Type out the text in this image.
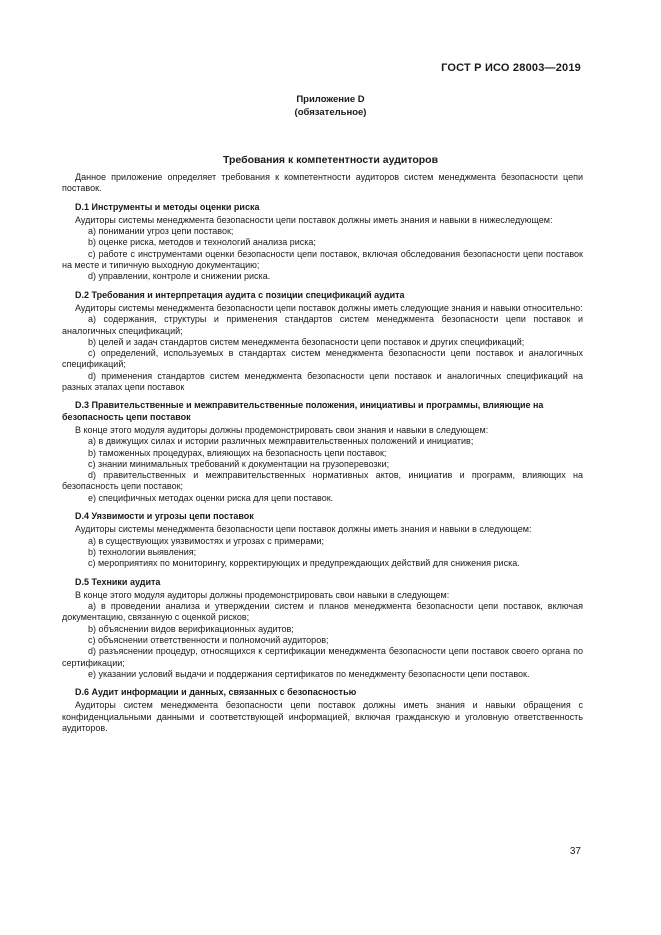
ГОСТ Р ИСО 28003—2019
Приложение D
(обязательное)
Требования к компетентности аудиторов

Данное приложение определяет требования к компетентности аудиторов систем менеджмента безопасности цепи поставок.

D.1 Инструменты и методы оценки риска

Аудиторы системы менеджмента безопасности цепи поставок должны иметь знания и навыки в нижеследующем:

a) понимании угроз цепи поставок;

b) оценке риска, методов и технологий анализа риска;

c) работе с инструментами оценки безопасности цепи поставок, включая обследования безопасности цепи поставок на месте и типичную выходную документацию;

d) управлении, контроле и снижении риска.

D.2 Требования и интерпретация аудита с позиции спецификаций аудита

Аудиторы системы менеджмента безопасности цепи поставок должны иметь следующие знания и навыки относительно:

a) содержания, структуры и применения стандартов систем менеджмента безопасности цепи поставок и аналогичных спецификаций;

b) целей и задач стандартов систем менеджмента безопасности цепи поставок и других спецификаций;

c) определений, используемых в стандартах систем менеджмента безопасности цепи поставок и аналогичных спецификаций;

d) применения стандартов систем менеджмента безопасности цепи поставок и аналогичных спецификаций на разных этапах цепи поставок

D.3 Правительственные и межправительственные положения, инициативы и программы, влияющие на безопасность цепи поставок

В конце этого модуля аудиторы должны продемонстрировать свои знания и навыки в следующем:

a) в движущих силах и истории различных межправительственных положений и инициатив;

b) таможенных процедурах, влияющих на безопасность цепи поставок;

c) знании минимальных требований к документации на грузоперевозки;

d) правительственных и межправительственных нормативных актов, инициатив и программ, влияющих на безопасность цепи поставок;

e) специфичных методах оценки риска для цепи поставок.

D.4 Уязвимости и угрозы цепи поставок

Аудиторы системы менеджмента безопасности цепи поставок должны иметь знания и навыки в следующем:

a) в существующих уязвимостях и угрозах с примерами;

b) технологии выявления;

c) мероприятиях по мониторингу, корректирующих и предупреждающих действий для снижения риска.

D.5 Техники аудита

В конце этого модуля аудиторы должны продемонстрировать свои навыки в следующем:

a) в проведении анализа и утверждении систем и планов менеджмента безопасности цепи поставок, включая документацию, связанную с оценкой рисков;

b) объяснении видов верификационных аудитов;

c) объяснении ответственности и полномочий аудиторов;

d) разъяснении процедур, относящихся к сертификации менеджмента безопасности цепи поставок своего органа по сертификации;

e) указании условий выдачи и поддержания сертификатов по менеджменту безопасности цепи поставок.

D.6 Аудит информации и данных, связанных с безопасностью

Аудиторы систем менеджмента безопасности цепи поставок должны иметь знания и навыки обращения с конфиденциальными данными и соответствующей информацией, включая гражданскую и уголовную ответственность аудиторов.

37
